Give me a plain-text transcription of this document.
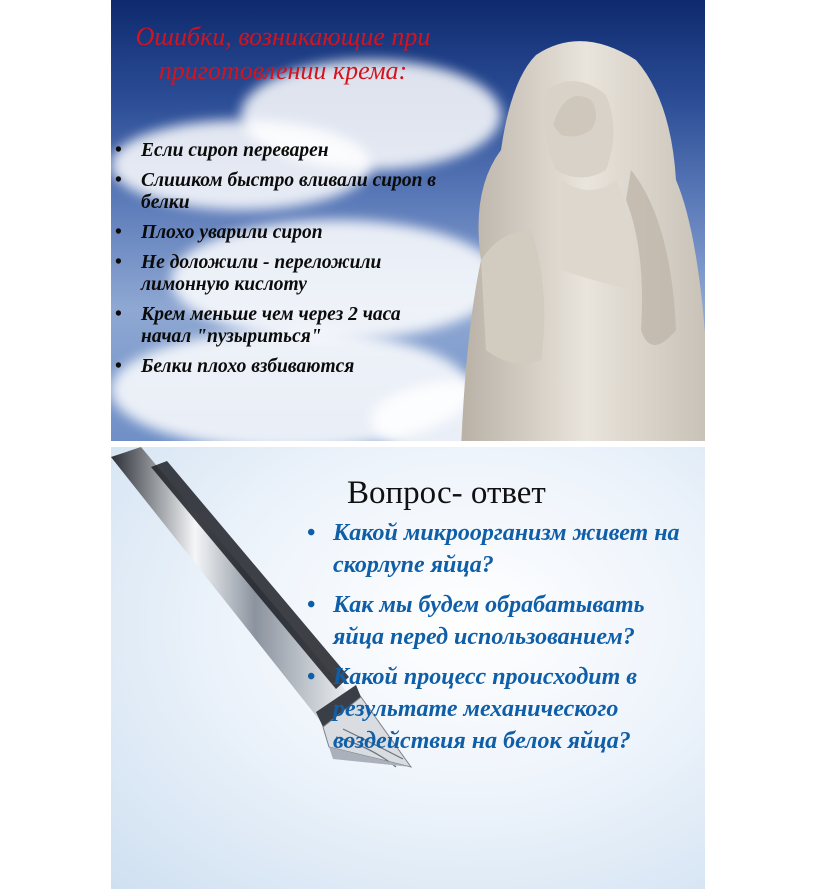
Ошибки, возникающие при приготовлении крема:

• Если сироп переварен
• Слишком быстро вливали сироп в белки
• Плохо уварили сироп
• Не доложили - переложили лимонную кислоту
• Крем меньше чем через 2 часа начал "пузыриться"
• Белки плохо взбиваются

Вопрос- ответ

• Какой микроорганизм живет на скорлупе яйца?
• Как мы будем обрабатывать яйца перед использованием?
• Какой процесс происходит в результате механического воздействия на белок яйца?
